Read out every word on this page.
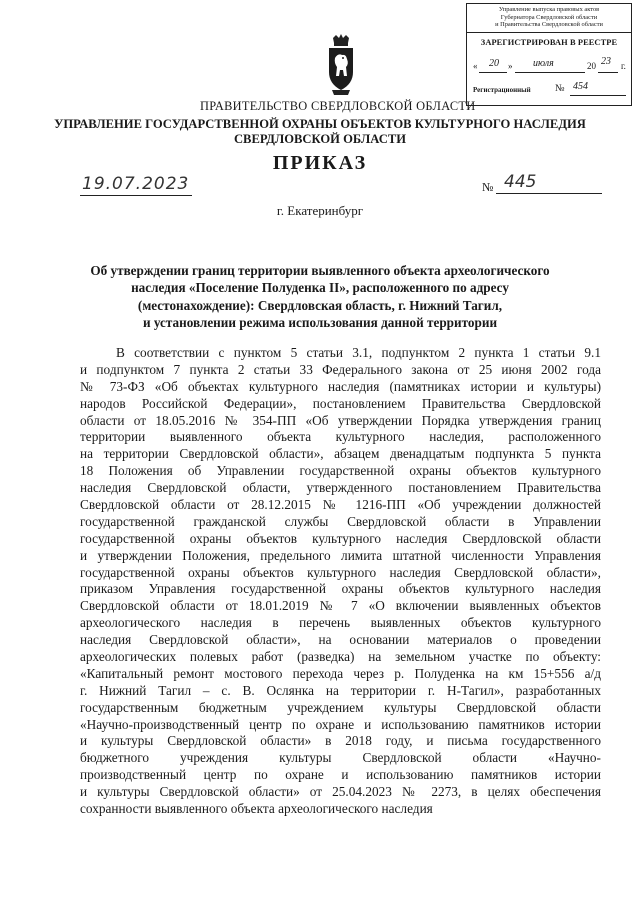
Управление выпуска правовых актов
Губернатора Свердловской области
и Правительства Свердловской области
ЗАРЕГИСТРИРОВАН В РЕЕСТРЕ
« 20 » июля	20 23 г.
Регистрационный № 454
ПРАВИТЕЛЬСТВО СВЕРДЛОВСКОЙ ОБЛАСТИ
УПРАВЛЕНИЕ ГОСУДАРСТВЕННОЙ ОХРАНЫ ОБЪЕКТОВ КУЛЬТУРНОГО НАСЛЕДИЯ
СВЕРДЛОВСКОЙ ОБЛАСТИ
ПРИКАЗ
19.07.2023	№ 445
г. Екатеринбург
Об утверждении границ территории выявленного объекта археологического
наследия «Поселение Полуденка II», расположенного по адресу
(местонахождение): Свердловская область, г. Нижний Тагил,
и установлении режима использования данной территории
В соответствии с пунктом 5 статьи 3.1, подпунктом 2 пункта 1 статьи 9.1
и подпунктом 7 пункта 2 статьи 33 Федерального закона от 25 июня 2002 года
№ 73-ФЗ «Об объектах культурного наследия (памятниках истории и культуры)
народов Российской Федерации», постановлением Правительства Свердловской
области от 18.05.2016 № 354-ПП «Об утверждении Порядка утверждения границ
территории выявленного объекта культурного наследия, расположенного
на территории Свердловской области», абзацем двенадцатым подпункта 5 пункта
18 Положения об Управлении государственной охраны объектов культурного
наследия Свердловской области, утвержденного постановлением Правительства
Свердловской области от 28.12.2015 № 1216-ПП «Об учреждении должностей
государственной гражданской службы Свердловской области в Управлении
государственной охраны объектов культурного наследия Свердловской области
и утверждении Положения, предельного лимита штатной численности Управления
государственной охраны объектов культурного наследия Свердловской области»,
приказом Управления государственной охраны объектов культурного наследия
Свердловской области от 18.01.2019 № 7 «О включении выявленных объектов
археологического наследия в перечень выявленных объектов культурного
наследия Свердловской области», на основании материалов о проведении
археологических полевых работ (разведка) на земельном участке по объекту:
«Капитальный ремонт мостового перехода через р. Полуденка на км 15+556 а/д
г. Нижний Тагил – с. В. Ослянка на территории г. Н-Тагил», разработанных
государственным бюджетным учреждением культуры Свердловской области
«Научно-производственный центр по охране и использованию памятников истории
и культуры Свердловской области» в 2018 году, и письма государственного
бюджетного учреждения культуры Свердловской области «Научно-
производственный центр по охране и использованию памятников истории
и культуры Свердловской области» от 25.04.2023 № 2273, в целях обеспечения
сохранности выявленного объекта археологического наследия
